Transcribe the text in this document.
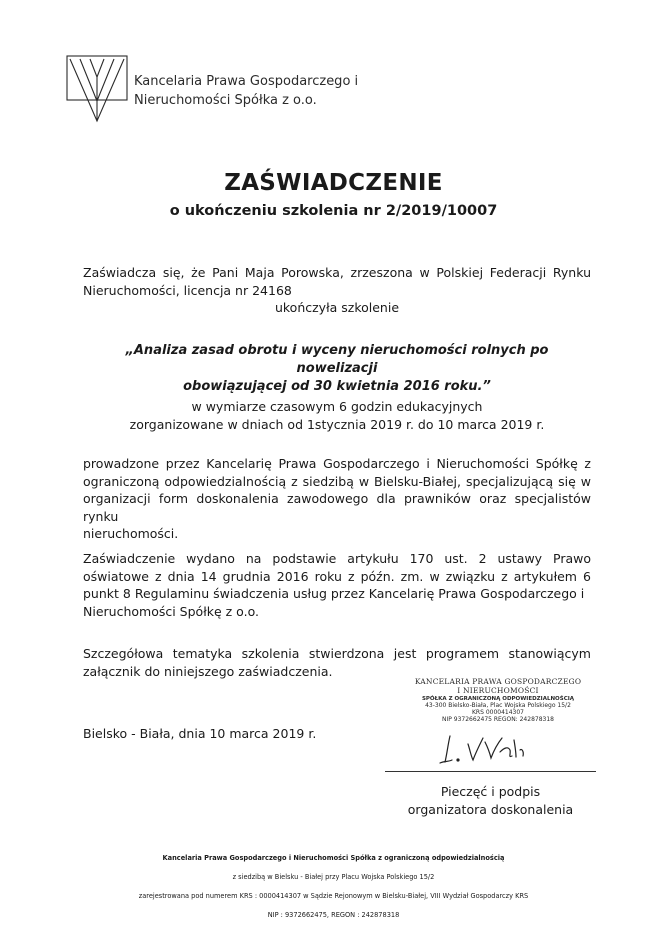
Kancelaria Prawa Gospodarczego i
Nieruchomości Spółka z o.o.
ZAŚWIADCZENIE
o ukończeniu szkolenia nr 2/2019/10007
Zaświadcza się, że Pani Maja Porowska, zrzeszona w Polskiej Federacji Rynku
Nieruchomości, licencja nr 24168
ukończyła szkolenie
„Analiza zasad obrotu i wyceny nieruchomości rolnych po nowelizacji
obowiązującej od 30 kwietnia 2016 roku.”
w wymiarze czasowym 6 godzin edukacyjnych
zorganizowane w dniach od 1stycznia 2019 r. do 10 marca 2019 r.
prowadzone przez Kancelarię Prawa Gospodarczego i Nieruchomości Spółkę z ograniczoną odpowiedzialnością z siedzibą w Bielsku-Białej, specjalizującą się w organizacji form doskonalenia zawodowego dla prawników oraz specjalistów rynku
nieruchomości.
Zaświadczenie wydano na podstawie artykułu 170 ust. 2 ustawy Prawo oświatowe z dnia 14 grudnia 2016 roku z późn. zm. w związku z artykułem 6 punkt 8 Regulaminu świadczenia usług przez Kancelarię Prawa Gospodarczego i
Nieruchomości Spółkę z o.o.
Szczegółowa tematyka szkolenia stwierdzona jest programem stanowiącym
załącznik do niniejszego zaświadczenia.
KANCELARIA PRAWA GOSPODARCZEGO
I NIERUCHOMOŚCI
SPÓŁKA Z OGRANICZONĄ ODPOWIEDZIALNOŚCIĄ
43-300 Bielsko-Biała, Plac Wojska Polskiego 15/2
KRS 0000414307
NIP 9372662475 REGON: 242878318
Bielsko - Biała, dnia 10 marca 2019 r.
Pieczęć i podpis
organizatora doskonalenia
Kancelaria Prawa Gospodarczego i Nieruchomości Spółka z ograniczoną odpowiedzialnością
z siedzibą w Bielsku - Białej przy Placu Wojska Polskiego 15/2
zarejestrowana pod numerem KRS : 0000414307 w Sądzie Rejonowym w Bielsku-Białej, VIII Wydział Gospodarczy KRS
NIP : 9372662475, REGON : 242878318
